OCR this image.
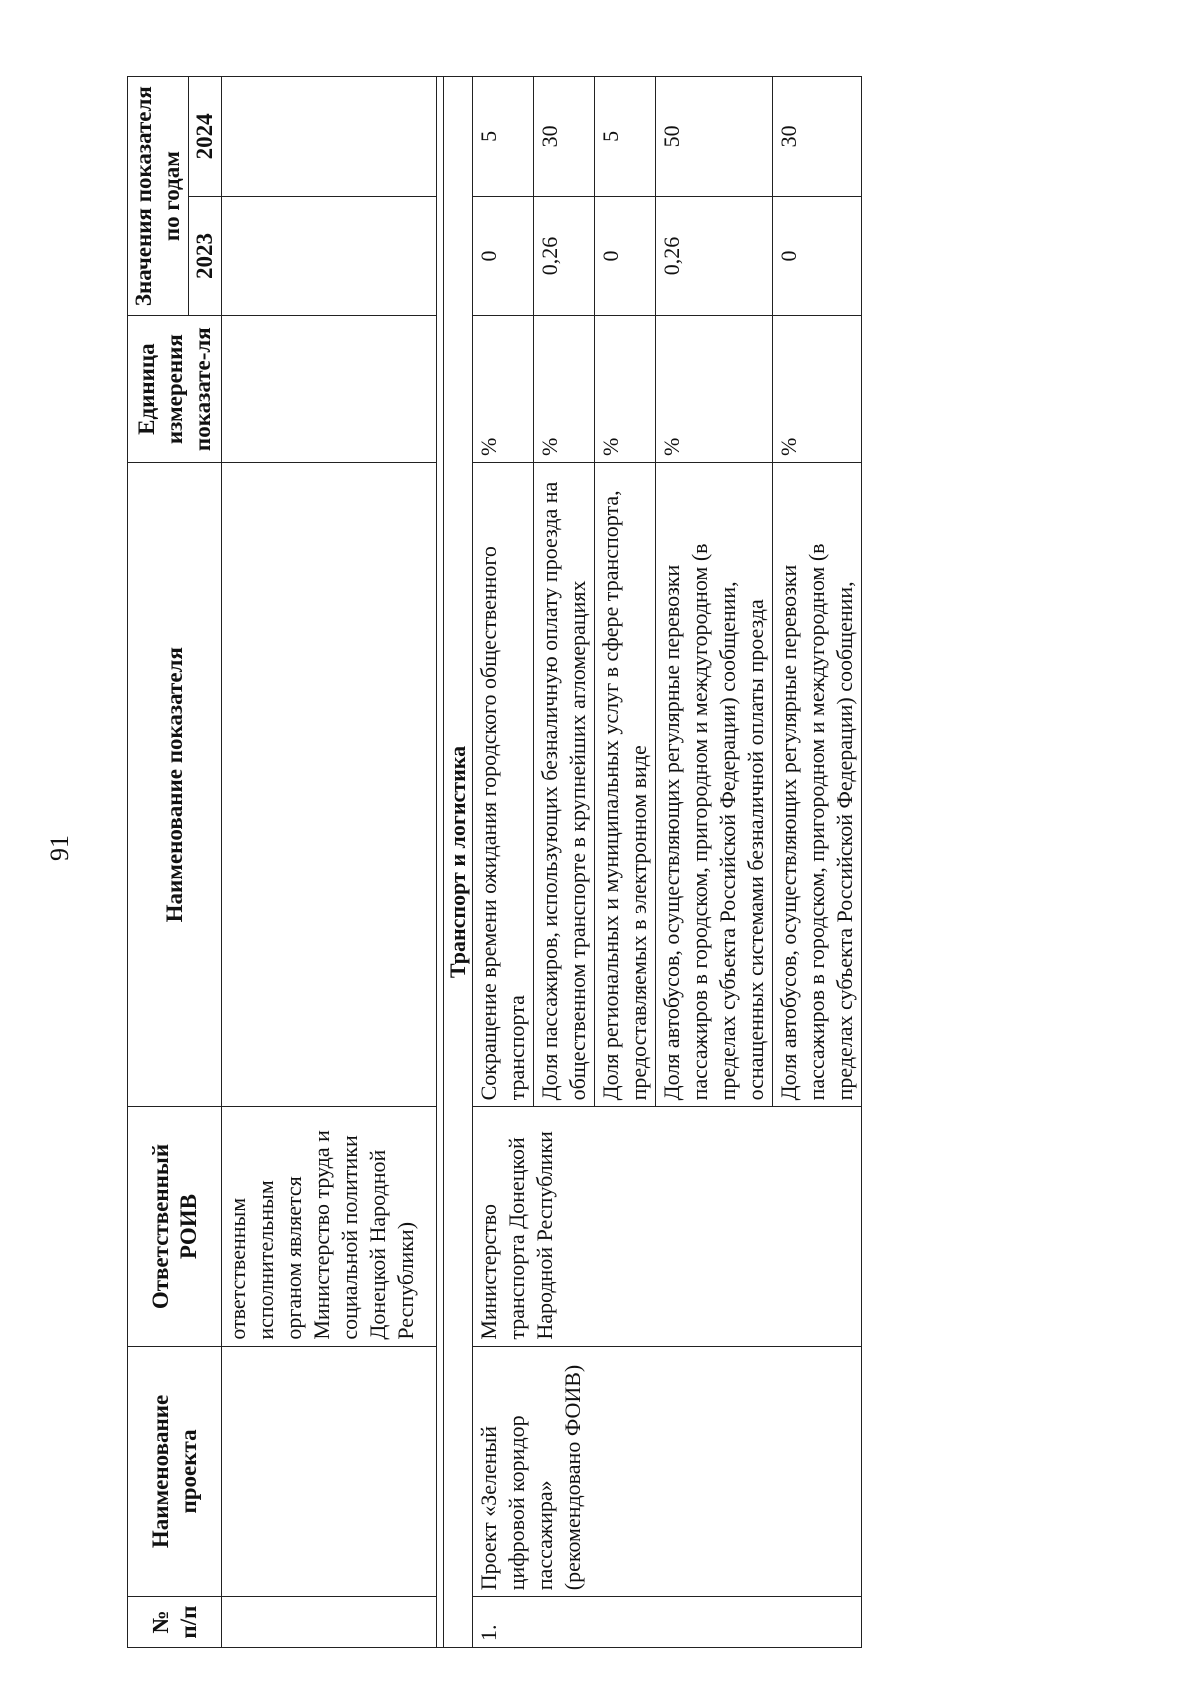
91
№ п/п	Наименование проекта	Ответственный РОИВ	Наименование показателя	Единица измерения показате-ля	Значения показателя по годам	
					2023	2024
		ответственным исполнительным органом является Министерство труда и социальной политики Донецкой Народной Республики)				

Транспорт и логистика						
1.	Проект «Зеленый цифровой коридор пассажира» (рекомендовано ФОИВ)	Министерство транспорта Донецкой Народной Республики	Сокращение времени ожидания городского общественного транспорта	%	0	5
			Доля пассажиров, использующих безналичную оплату проезда на общественном транспорте в крупнейших агломерациях	%	0,26	30
			Доля региональных и муниципальных услуг в сфере транспорта, предоставляемых в электронном виде	%	0	5
			Доля автобусов, осуществляющих регулярные перевозки пассажиров в городском, пригородном и междугородном (в пределах субъекта Российской Федерации) сообщении, оснащенных системами безналичной оплаты проезда	%	0,26	50
			Доля автобусов, осуществляющих регулярные перевозки пассажиров в городском, пригородном и междугородном (в пределах субъекта Российской Федерации) сообщении,	%	0	30
